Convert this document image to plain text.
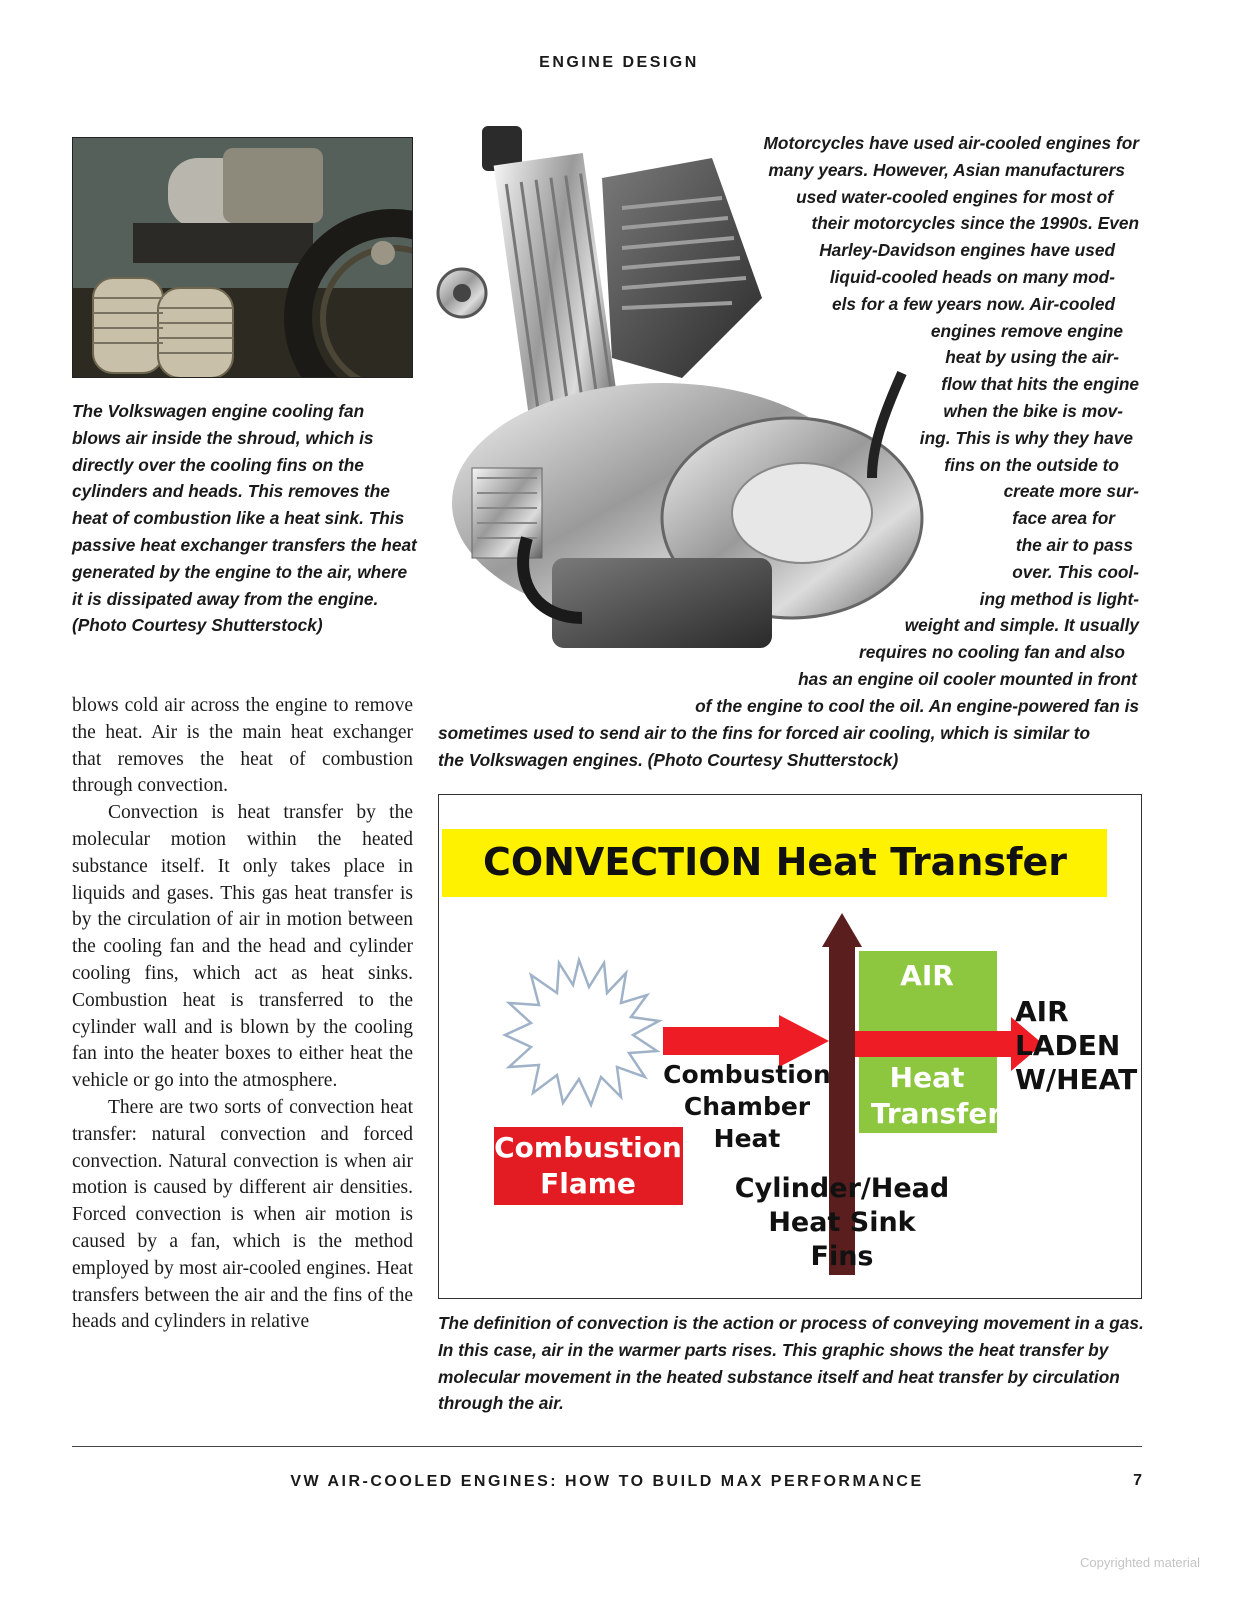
ENGINE DESIGN
The Volkswagen engine cooling fan blows air inside the shroud, which is directly over the cooling fins on the cylinders and heads. This removes the heat of combustion like a heat sink. This passive heat exchanger transfers the heat generated by the engine to the air, where it is dissipated away from the engine. (Photo Courtesy Shutterstock)
Motorcycles have used air-cooled engines for
many years. However, Asian manufacturers
used water-cooled engines for most of
their motorcycles since the 1990s. Even
Harley-Davidson engines have used
liquid-cooled heads on many mod-
els for a few years now. Air-cooled
engines remove engine
heat by using the air-
flow that hits the engine
when the bike is mov-
ing. This is why they have
fins on the outside to
create more sur-
face area for
the air to pass
over. This cool-
ing method is light-
weight and simple. It usually
requires no cooling fan and also
has an engine oil cooler mounted in front
of the engine to cool the oil. An engine-powered fan is
sometimes used to send air to the fins for forced air cooling, which is similar to
the Volkswagen engines. (Photo Courtesy Shutterstock)

blows cold air across the engine to remove the heat. Air is the main heat exchanger that removes the heat of combustion through convection.

Convection is heat transfer by the molecular motion within the heated substance itself. It only takes place in liquids and gases. This gas heat transfer is by the circulation of air in motion between the cooling fan and the head and cylinder cooling fins, which act as heat sinks. Combustion heat is transferred to the cylinder wall and is blown by the cooling fan into the heater boxes to either heat the vehicle or go into the atmosphere.

There are two sorts of convection heat transfer: natural convection and forced convection. Natural convection is when air motion is caused by different air densities. Forced convection is when air motion is caused by a fan, which is the method employed by most air-cooled engines. Heat transfers between the air and the fins of the heads and cylinders in relative

CONVECTION Heat Transfer
AIR
Heat
Transfer
AIR
LADEN
W/HEAT
Combustion
Chamber
Heat
Combustion
Flame	Cylinder/Head
Heat Sink
Fins
The definition of convection is the action or process of conveying movement in a gas. In this case, air in the warmer parts rises. This graphic shows the heat transfer by molecular movement in the heated substance itself and heat transfer by circulation through the air.
VW AIR-COOLED ENGINES: HOW TO BUILD MAX PERFORMANCE	7
Copyrighted material
